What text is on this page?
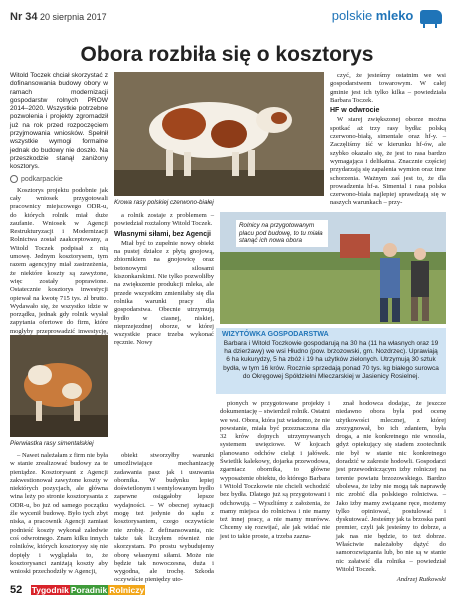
Nr 34 20 sierpnia 2017	polskie mleko
Obora rozbiła się o kosztorys
Witold Toczek chciał skorzystać z dofinansowania budowy obory w ramach modernizacji gospodarstw rolnych PROW 2014–2020. Wszystkie potrzebne pozwolenia i projekty zgromadził już na rok przed rozpoczęciem przyjmowania wniosków. Spełnił wszystkie wymogi formalne jednak do budowy nie doszło. Na przeszkodzie stanął zaniżony kosztorys.
podkarpackie

Kosztorys projektu podobnie jak cały wniosek przygotowali pracownicy miejscowego ODR-u, do których rolnik miał duże zaufanie. Wniosek w Agencji Restrukturyzacji i Modernizacji Rolnictwa został zaakceptowany, a Witold Toczek podpisał z nią umowę. Jednym kosztorysem, tym razem agencyjny miał zastrzeżenia, że niektóre koszty są zawyżone, więc zostały poprawione. Ostatecznie kosztorys inwestycji opiewał na kwotę 715 tys. zł brutto. Wydawało się, że wszystko idzie w porządku, jednak gdy rolnik wysłał zapytania ofertowe do firm, które mogłyby przeprowadzić inwestycję,

Krowa rasy polskiej czerwono-białej

a rolnik zostaje z problemem – powiedział rozżalony Witold Toczek.

Własnymi siłami, bez Agencji

Miał być to zupełnie nowy obiekt na pustej działce z płytą gnojową, zbiornikiem na gnojowicę oraz betonowymi silosami kiszonkarskimi. Nie tylko pozwoliłby na zwiększenie produkcji mleka, ale przede wszystkim zmieniłaby się dla rolnika warunki pracy dla gospodarstwa. Obecnie utrzymują bydło w ciasnej, niskiej, nieprzejezdnej oborze, w której wszystkie prace trzeba wykonać ręcznie. Nowy

Rolnicy na przygotowanym placu pod budowę, to tu miała stanąć ich nowa obora

czyć, że jesteśmy ostatnim we wsi gospodarstwem towarowym. W całej gminie jest ich tylko kilka – powiedziała Barbara Toczek.

HF w odwrocie

W starej zwiększonej oborze można spotkać aż trzy rasy bydła: polską czerwono-białą, simentale oraz hf-y. – Zaczęliśmy iść w kierunku hf-ów, ale szybko okazało się, że jest to rasa bardzo wymagająca i delikatna. Znacznie częściej przydarzają się zapalenia wymion oraz inne schorzenia. Ważnym zaś jest to, że dla prowadzenia hf-a. Simental i rasa polska czerwono-biała najlepiej sprawdzają się w naszych warunkach – przy-

WIZYTÓWKA GOSPODARSTWA
Barbara i Witold Toczkowie gospodarują na 30 ha (11 ha własnych oraz 19 ha dzierżawy) we wsi Hłudno (pow. brzozowski, gm. Nozdrzec). Uprawiają 6 ha kukurydzy, 5 ha zbóż i 19 ha użytków zielonych. Utrzymują 30 sztuk bydła, w tym 16 krów. Rocznie sprzedają ponad 70 tys. kg białego surowca do Okręgowej Spółdzielni Mleczarskiej w Jasienicy Rosielnej.
Pierwiastka rasy simentalskiej

– Nawet należałam z firm nie była w stanie zrealizować budowy za te pieniądze. Kosztorysant z Agencji zakwestionował zawyżone koszty w niektórych pozycjach, ale główna wina leży po stronie kosztorysanta z ODR-u, bo już od samego początku źle wycenił budowę. Było tych zbyt niska, a pracownik Agencji zamiast podnieść koszty wykonał zaledwie coś odwrotnego. Znam kilku innych rolników, których kosztorysy się nie dopięły i wyglądała to, że kosztorysanci zaniżają koszty aby wnioski przechodziły w Agencji,

obiekt stworzyłby warunki umożliwiające mechanizację zadawania pasz jak i usuwania obornika. W budynku lepiej doświetlonym i wentylowanym bydło zapewne osiągałoby lepsze wydajności. – W obecnej sytuacji mogę też jedynie do sądu z kosztorysantem, czego oczywiście nie zrobię. Z definansowania, nic także tak liczyłem również nie skorzystam. Po prostu wybudujemy oborę własnymi siłami. Może nie będzie tak nowoczesna, duża i wygodna, ale trochę. Szkoda oczywiście pieniędzy uto-

pionych w przygotowane projekty i dokumentację – stwierdził rolnik. Ostatni we wsi. Obora, która już wiadomo, że nie powstanie, miała być przeznaczona dla 32 krów dojnych utrzymywanych systemem uwięziowe. W kojcach planowano odchów cieląt i jałówek. Świetlik kalekowy, dojarka przewodowa, zgarniacz obornika, to główne wyposażenie obiektu, do którego Barbara i Witold Toczkowie nie chcieli wchodzić bez bydła. Dlatego już są przygotowani i odchowują. – Wyszliśmy z założenia, że mamy miejsca do rolnictwa i nie mamy też innej pracy, a nie mamy muróww. Chcemy się rozwijać, ale jak widać nie jest to takie proste, a trzeba zazna-

znał hodowca dodając, że jeszcze niedawno obora była pod ocenę użytkowości mlecznej, z której zrezygnował, bo ich zdaniem, była droga, a nie konkretnego nie wnosiła, gdyż opiekujący się stadem zootechnik nie był w stanie nic konkretnego doradzić w zakresie hodowli. Gospodarzi jest przewodniczącym izby rolniczej na terenie powiatu brzozowskiego. Bardzo ubolewa, że izby nie mogą tak naprawdę nic zrobić dla polskiego rolnictwa. – Jako izby mamy związane ręce, możemy tylko opiniować, postulować i dyskutować. Jesteśmy jak ta brzoska pani premier, czyli jak jesteśmy to dobrze, a jak nas nie będzie, to też dobrze. Właściwie należałoby dążyć do samorozwiązania lub, bo nie są w stanie nic załatwić dla rolnika – powiedział Witold Toczek.

Andrzej Rutkowski
52 Tygodnik Poradnik Rolniczy
